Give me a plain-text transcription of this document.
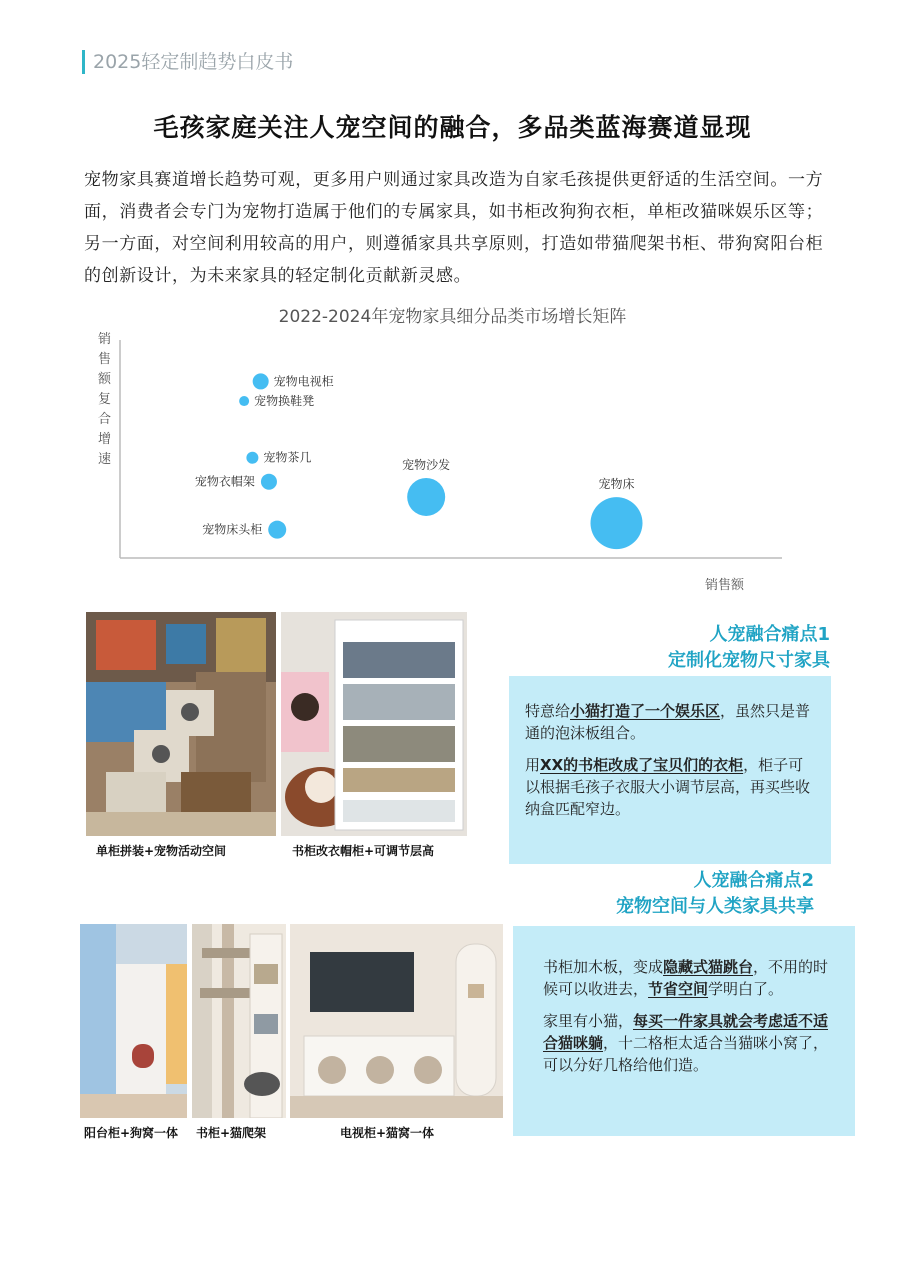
2025轻定制趋势白皮书
毛孩家庭关注人宠空间的融合，多品类蓝海赛道显现
宠物家具赛道增长趋势可观，更多用户则通过家具改造为自家毛孩提供更舒适的生活空间。一方面，消费者会专门为宠物打造属于他们的专属家具，如书柜改狗狗衣柜，单柜改猫咪娱乐区等；另一方面，对空间利用较高的用户，则遵循家具共享原则，打造如带猫爬架书柜、带狗窝阳台柜的创新设计，为未来家具的轻定制化贡献新灵感。
2022-2024年宠物家具细分品类市场增长矩阵
销售额复合增速
宠物电视柜
宠物换鞋凳
宠物茶几
宠物衣帽架
宠物沙发
宠物床
宠物床头柜
销售额
单柜拼装+宠物活动空间	书柜改衣帽柜+可调节层高
人宠融合痛点1
定制化宠物尺寸家具

特意给小猫打造了一个娱乐区，虽然只是普通的泡沫板组合。

用XX的书柜改成了宝贝们的衣柜，柜子可以根据毛孩子衣服大小调节层高，再买些收纳盒匹配窄边。

人宠融合痛点2
宠物空间与人类家具共享

书柜加木板，变成隐藏式猫跳台，不用的时候可以收进去，节省空间学明白了。

家里有小猫，每买一件家具就会考虑适不适合猫咪躺，十二格柜太适合当猫咪小窝了，可以分好几格给他们造。

阳台柜+狗窝一体 书柜+猫爬架	电视柜+猫窝一体
